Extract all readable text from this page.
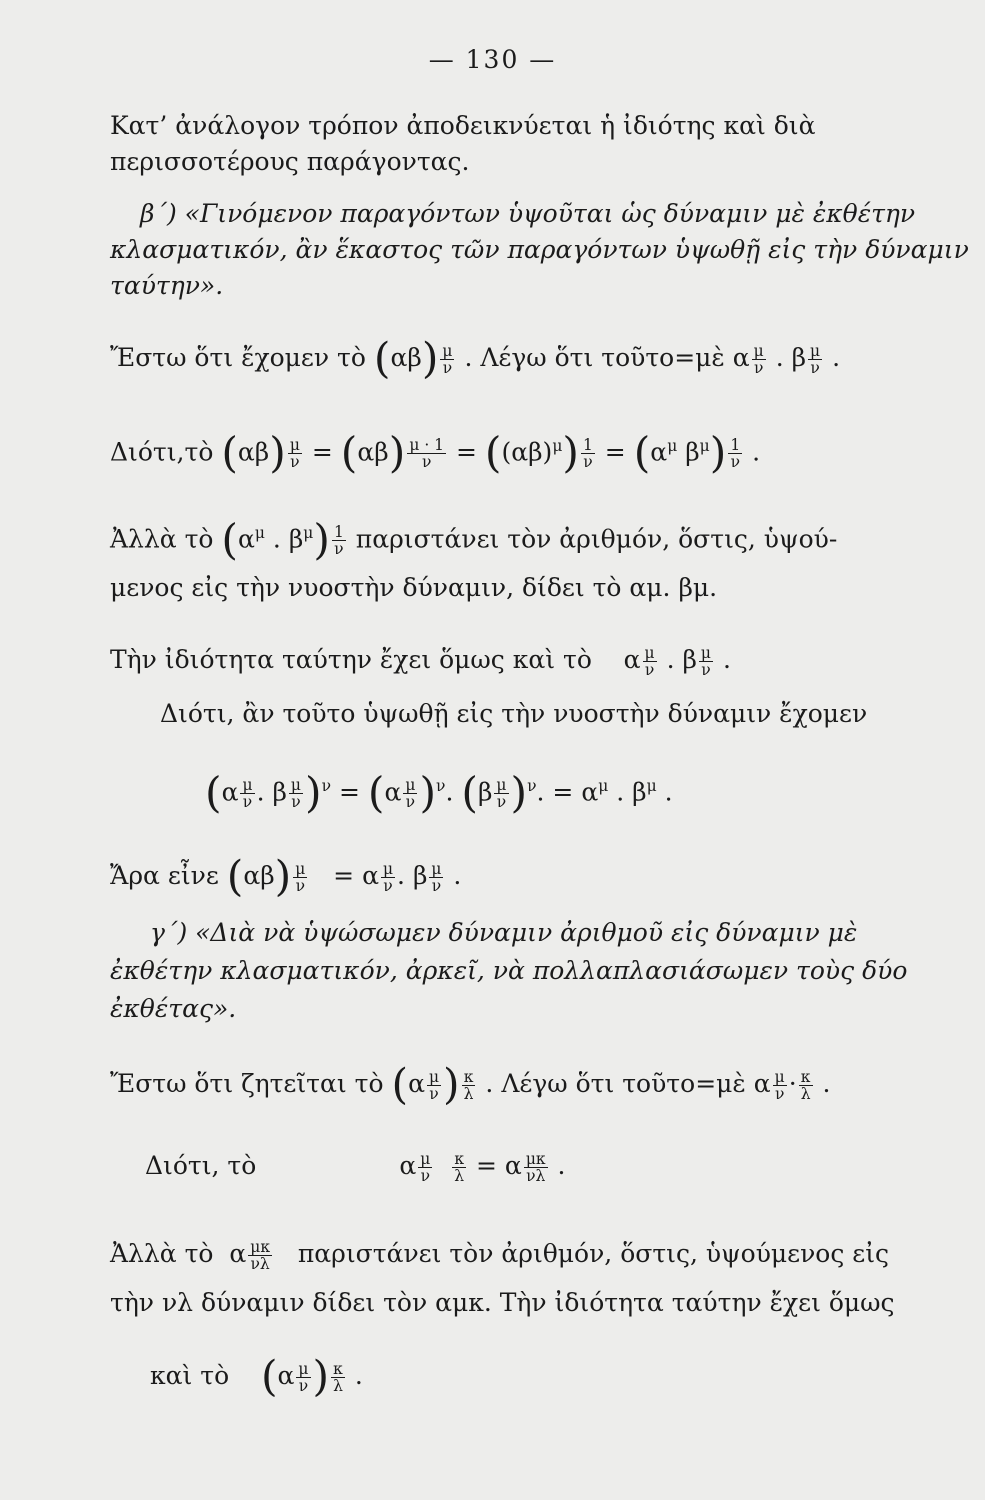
— 130 —
Κατ’ ἀνάλογον τρόπον ἀποδεικνύεται ἡ ἰδιότης καὶ διὰ
περισσοτέρους παράγοντας.
β΄) «Γινόμενον παραγόντων ὑψοῦται ὡς δύναμιν μὲ ἐκθέτην
κλασματικόν, ἂν ἕκαστος τῶν παραγόντων ὑψωθῇ εἰς τὴν δύναμιν
ταύτην».
Ἔστω ὅτι ἔχομεν τὸ $(\alpha\beta) \frac{\mu}{\nu}$ . Λέγω ὅτι τοῦτο=μὲ α $\frac{\mu}{\nu}$ . β $\frac{\mu}{\nu}$ .
Διότι,τὸ $(\alpha\beta) \frac{\mu}{\nu} = (\alpha\beta) \frac{\mu \cdot 1}{\nu} = ((\alpha\beta)^\mu) \frac{1}{\nu} = (\alpha^\mu$ $\beta^\mu) \frac{1}{\nu}$ .
Ἀλλὰ τὸ ($\alpha^\mu$ . $\beta^\mu) \frac{1}{\nu}$ παριστάνει τὸν ἀριθμόν, ὅστις, ὑψού-
μενος εἰς τὴν νυοστὴν δύναμιν, δίδει τὸ αμ. βμ.
Τὴν ἰδιότητα ταύτην ἔχει ὅμως καὶ τὸ    α $\frac{\mu}{\nu}$ . β $\frac{\mu}{\nu}$ .
Διότι, ἂν τοῦτο ὑψωθῇ εἰς τὴν νυοστὴν δύναμιν ἔχομεν
($\alpha \frac{\mu}{\nu}$ . β $\frac{\mu}{\nu} )^\nu = (\alpha \frac{\mu}{\nu} )^\nu$. $(\beta \frac{\mu}{\nu} )^\nu$. = $\alpha^\mu$ . $\beta^\mu$ .
Ἄρα εἶνε $(\alpha\beta) \frac{\mu}{\nu} = \alpha \frac{\mu}{\nu}$ . β $\frac{\mu}{\nu}$ .
γ΄) «Διὰ νὰ ὑψώσωμεν δύναμιν ἀριθμοῦ εἰς δύναμιν μὲ
ἐκθέτην κλασματικόν, ἀρκεῖ, νὰ πολλαπλασιάσωμεν τοὺς δύο
ἐκθέτας».
Ἔστω ὅτι ζητεῖται τὸ ($\alpha \frac{\mu}{\nu}$ ) $\frac{\kappa}{\lambda}$ . Λέγω ὅτι τοῦτο=μὲ α $\frac{\mu}{\nu} \cdot \frac{\kappa}{\lambda}$ .
Διότι, τὸ                  α $\frac{\mu}{\nu}$
$\frac{\kappa}{\lambda} = \alpha \frac{\mu\kappa}{\nu\lambda}$ .
Ἀλλὰ τὸ  α $\frac{\mu\kappa}{\nu\lambda}$ παριστάνει τὸν ἀριθμόν, ὅστις, ὑψούμενος εἰς
τὴν νλ δύναμιν δίδει τὸν αμκ. Τὴν ἰδιότητα ταύτην ἔχει ὅμως
καὶ τὸ ($\alpha \frac{\mu}{\nu}$ ) $\frac{\kappa}{\lambda}$ .
